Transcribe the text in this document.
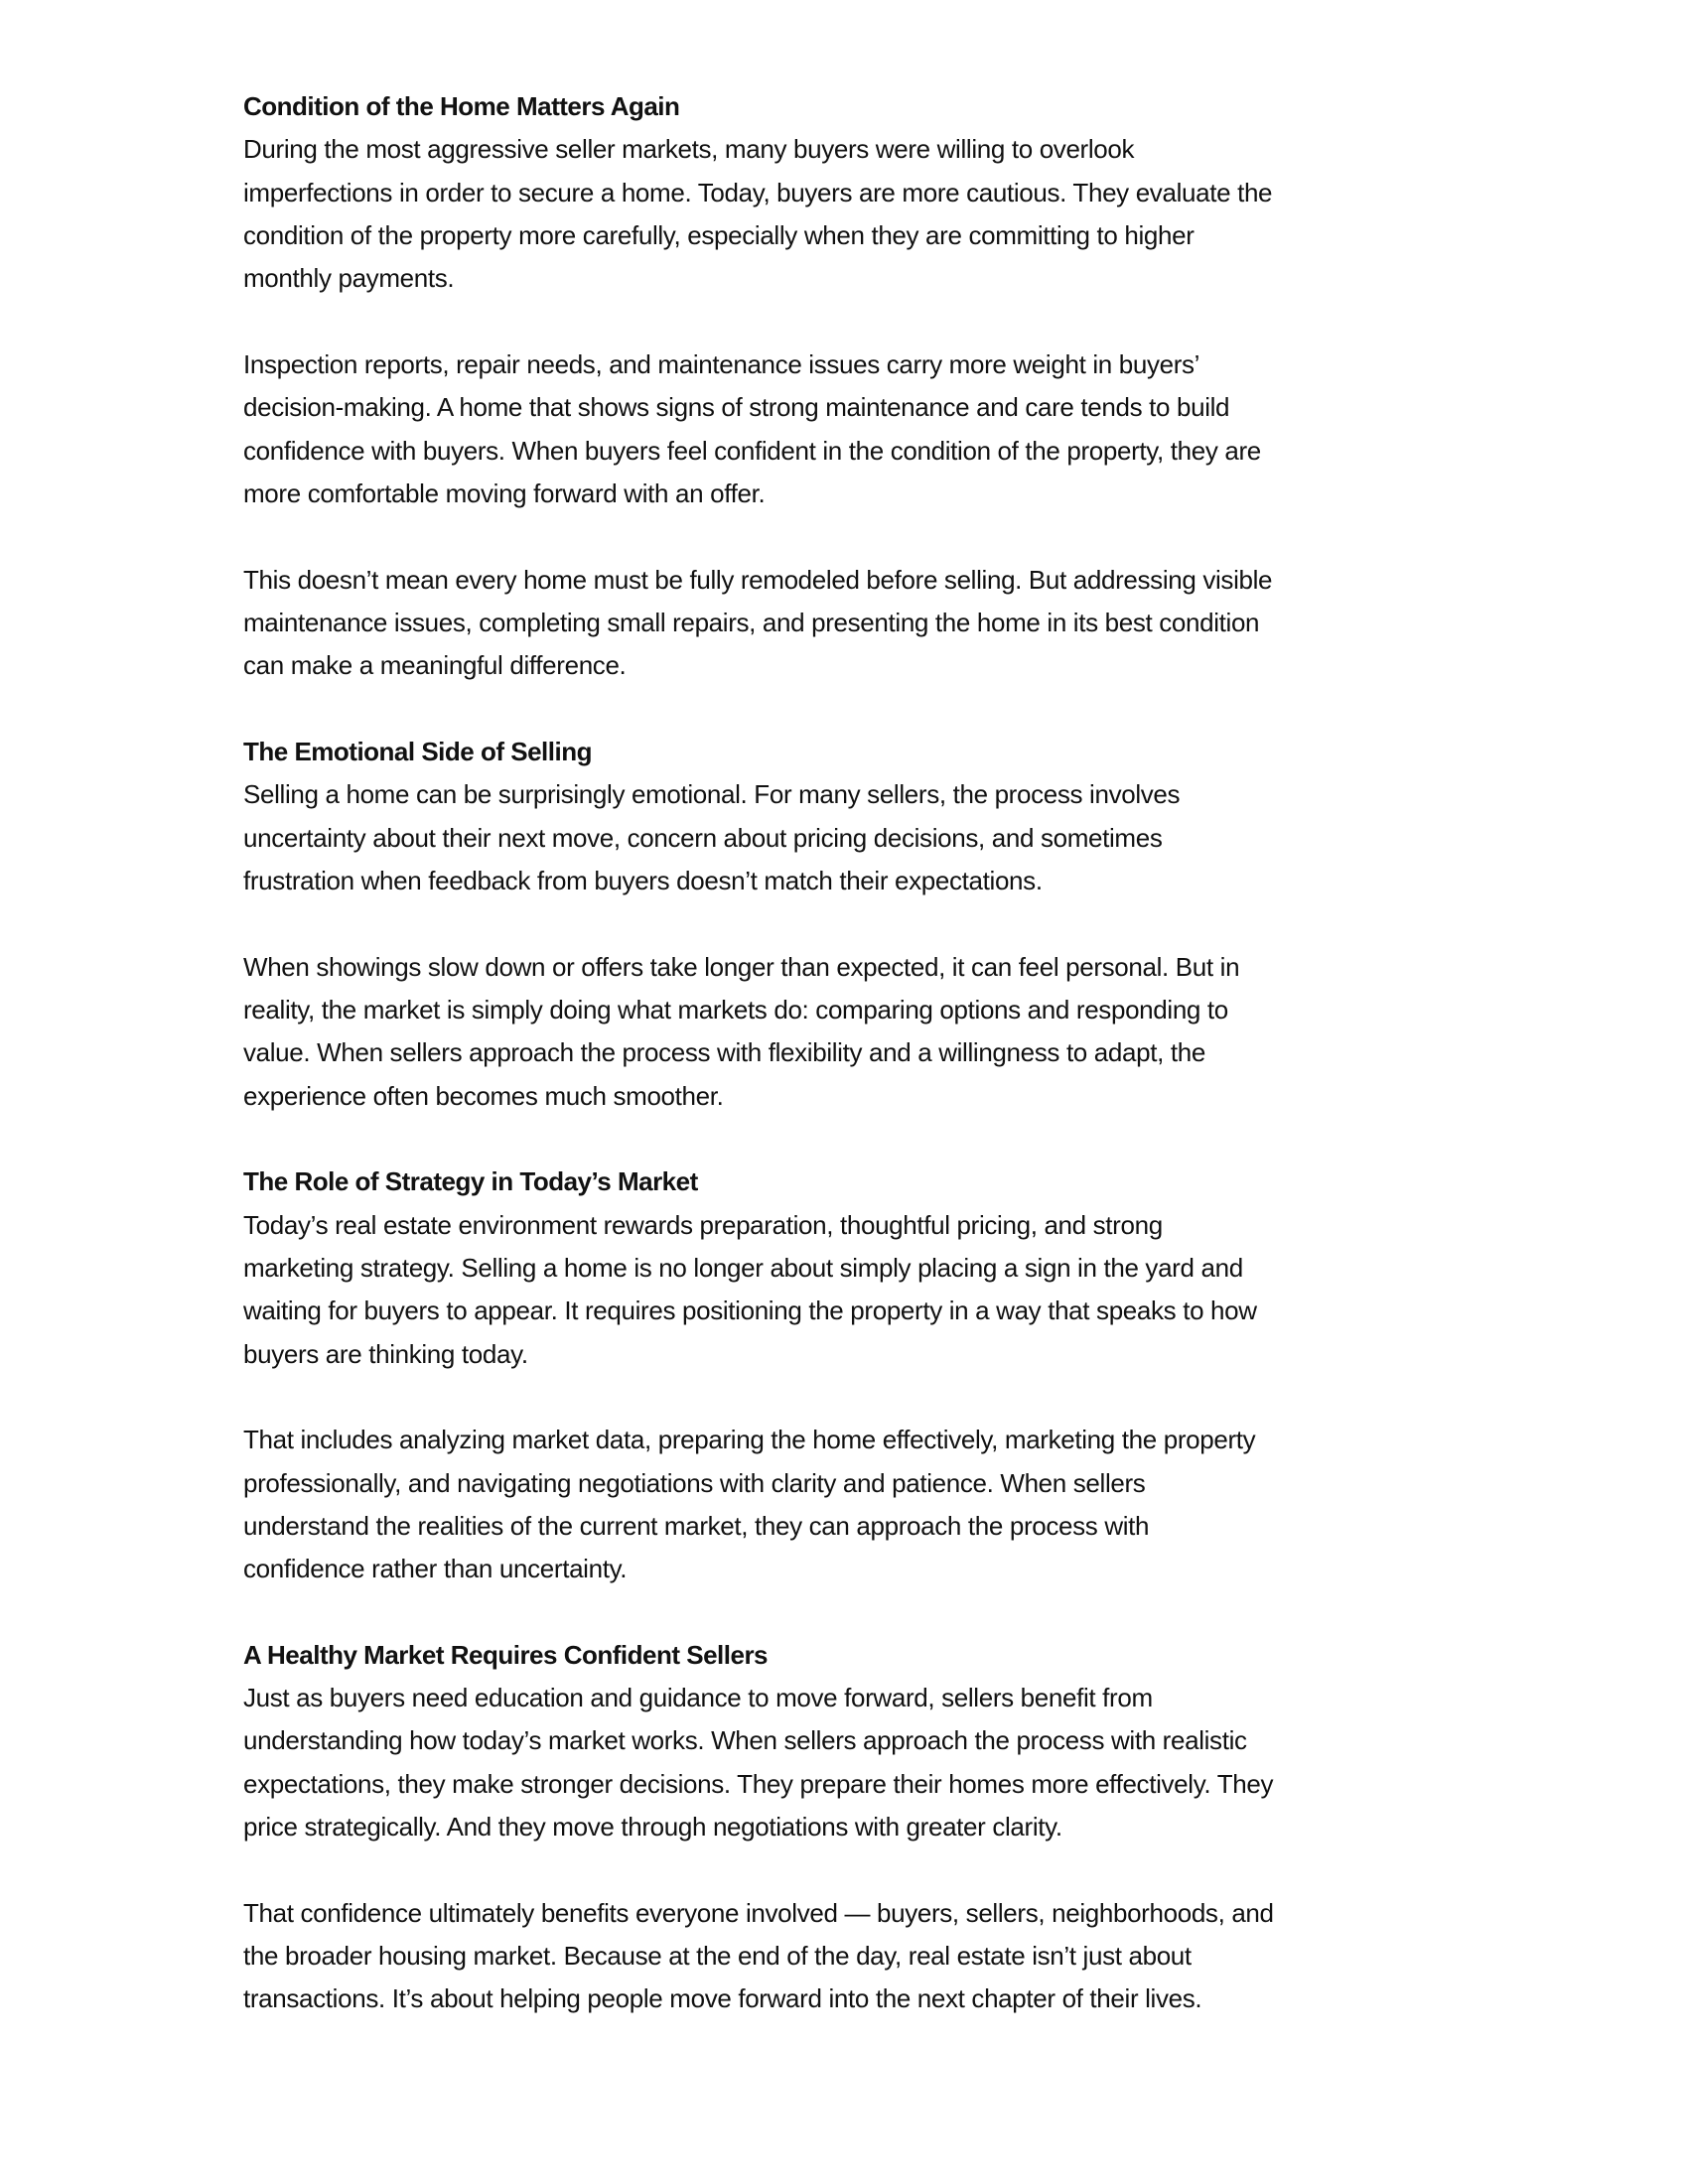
Condition of the Home Matters Again

During the most aggressive seller markets, many buyers were willing to overlook
imperfections in order to secure a home. Today, buyers are more cautious. They evaluate the
condition of the property more carefully, especially when they are committing to higher
monthly payments.

Inspection reports, repair needs, and maintenance issues carry more weight in buyers’
decision-making. A home that shows signs of strong maintenance and care tends to build
confidence with buyers. When buyers feel confident in the condition of the property, they are
more comfortable moving forward with an offer.

This doesn’t mean every home must be fully remodeled before selling. But addressing visible
maintenance issues, completing small repairs, and presenting the home in its best condition
can make a meaningful difference.

The Emotional Side of Selling

Selling a home can be surprisingly emotional. For many sellers, the process involves
uncertainty about their next move, concern about pricing decisions, and sometimes
frustration when feedback from buyers doesn’t match their expectations.

When showings slow down or offers take longer than expected, it can feel personal. But in
reality, the market is simply doing what markets do: comparing options and responding to
value. When sellers approach the process with flexibility and a willingness to adapt, the
experience often becomes much smoother.

The Role of Strategy in Today’s Market

Today’s real estate environment rewards preparation, thoughtful pricing, and strong
marketing strategy. Selling a home is no longer about simply placing a sign in the yard and
waiting for buyers to appear. It requires positioning the property in a way that speaks to how
buyers are thinking today.

That includes analyzing market data, preparing the home effectively, marketing the property
professionally, and navigating negotiations with clarity and patience. When sellers
understand the realities of the current market, they can approach the process with
confidence rather than uncertainty.

A Healthy Market Requires Confident Sellers

Just as buyers need education and guidance to move forward, sellers benefit from
understanding how today’s market works. When sellers approach the process with realistic
expectations, they make stronger decisions. They prepare their homes more effectively. They
price strategically. And they move through negotiations with greater clarity.

That confidence ultimately benefits everyone involved — buyers, sellers, neighborhoods, and
the broader housing market. Because at the end of the day, real estate isn’t just about
transactions. It’s about helping people move forward into the next chapter of their lives.
